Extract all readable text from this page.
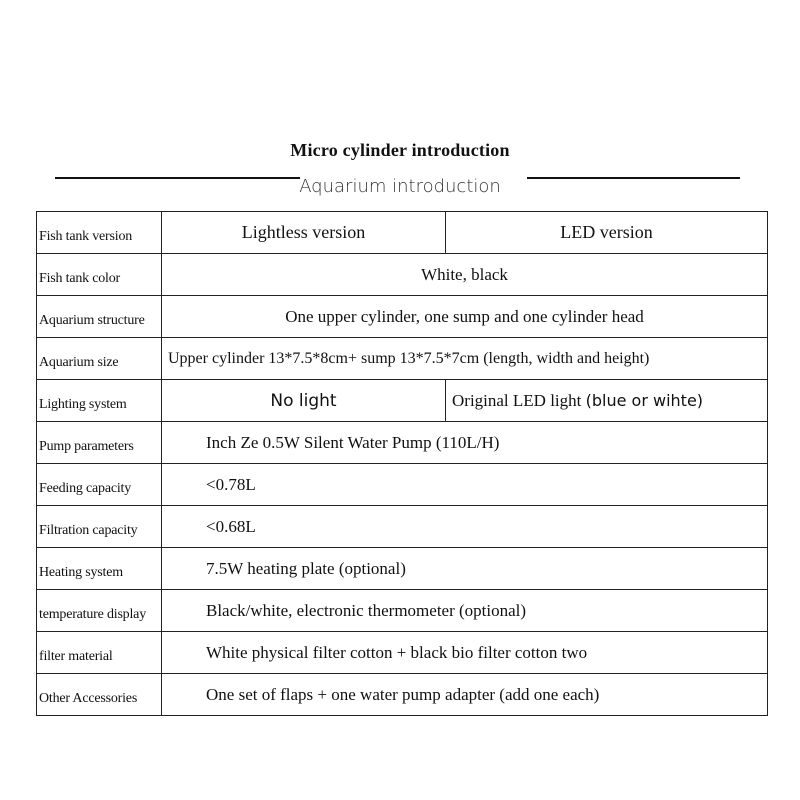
Micro cylinder introduction
Aquarium introduction
Fish tank version	Lightless version	LED version
Fish tank color	White, black	
Aquarium structure	One upper cylinder, one sump and one cylinder head	
Aquarium size	Upper cylinder 13*7.5*8cm+ sump 13*7.5*7cm (length, width and height)	
Lighting system	No light	Original LED light (blue or wihte)
Pump parameters	Inch Ze 0.5W Silent Water Pump (110L/H)	
Feeding capacity	<0.78L	
Filtration capacity	<0.68L	
Heating system	7.5W heating plate (optional)	
temperature display	Black/white, electronic thermometer (optional)	
filter material	White physical filter cotton + black bio filter cotton two	
Other Accessories	One set of flaps + one water pump adapter (add one each)	
